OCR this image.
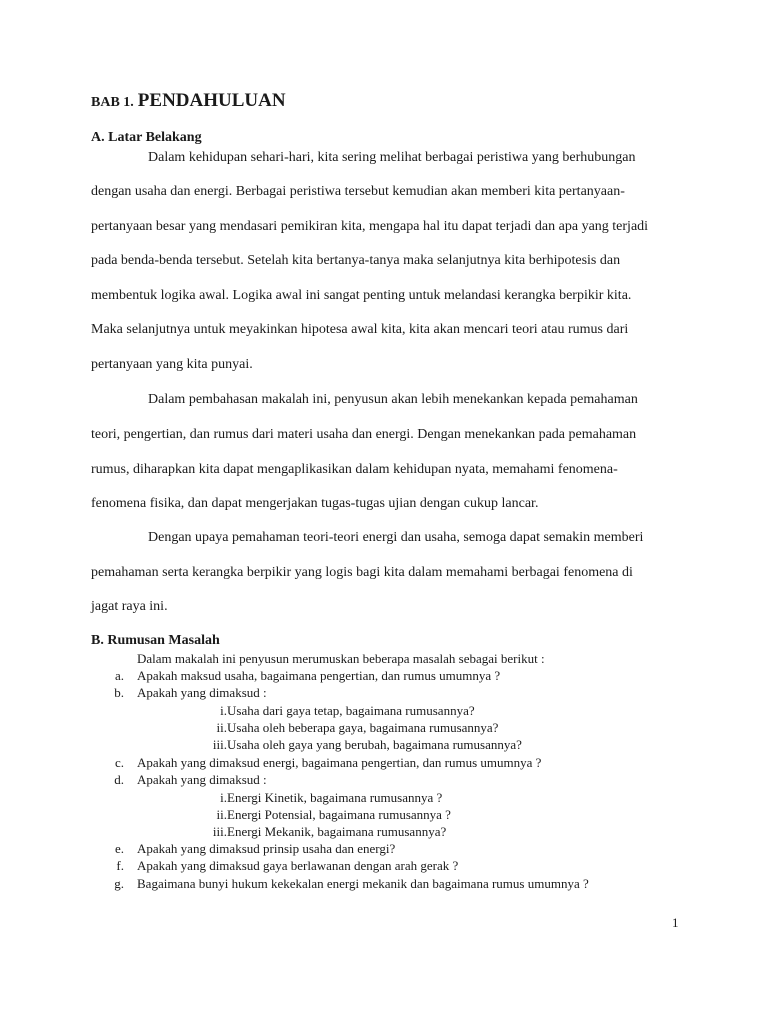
BAB 1. PENDAHULUAN
A. Latar Belakang
Dalam kehidupan sehari-hari, kita sering melihat berbagai peristiwa yang berhubungan
dengan usaha dan energi. Berbagai peristiwa tersebut kemudian akan memberi kita pertanyaan-
pertanyaan besar yang mendasari pemikiran kita, mengapa hal itu dapat terjadi dan apa yang terjadi
pada benda-benda tersebut. Setelah kita bertanya-tanya maka selanjutnya kita berhipotesis dan
membentuk logika awal. Logika awal ini sangat penting untuk melandasi kerangka berpikir kita.
Maka selanjutnya untuk meyakinkan hipotesa awal kita, kita akan mencari teori atau rumus dari
pertanyaan yang kita punyai.
Dalam pembahasan makalah ini, penyusun akan lebih menekankan kepada pemahaman
teori, pengertian, dan rumus dari materi usaha dan energi. Dengan menekankan pada pemahaman
rumus, diharapkan kita dapat mengaplikasikan dalam kehidupan nyata, memahami fenomena-
fenomena fisika, dan dapat mengerjakan tugas-tugas ujian dengan cukup lancar.
Dengan upaya pemahaman teori-teori energi dan usaha, semoga dapat semakin memberi
pemahaman serta kerangka berpikir yang logis bagi kita dalam memahami berbagai fenomena di
jagat raya ini.
B. Rumusan Masalah
Dalam makalah ini penyusun merumuskan beberapa masalah sebagai berikut :
a. Apakah maksud usaha, bagaimana pengertian, dan rumus umumnya ?
b. Apakah yang dimaksud :
i.Usaha dari gaya tetap, bagaimana rumusannya?
ii.Usaha oleh beberapa gaya, bagaimana rumusannya?
iii.Usaha oleh gaya yang berubah, bagaimana rumusannya?
c. Apakah yang dimaksud energi, bagaimana pengertian, dan rumus umumnya ?
d. Apakah yang dimaksud :
i.Energi Kinetik, bagaimana rumusannya ?
ii.Energi Potensial, bagaimana rumusannya ?
iii.Energi Mekanik, bagaimana rumusannya?
e. Apakah yang dimaksud prinsip usaha dan energi?
f. Apakah yang dimaksud gaya berlawanan dengan arah gerak ?
g. Bagaimana bunyi hukum kekekalan energi mekanik dan bagaimana rumus umumnya ?
1
